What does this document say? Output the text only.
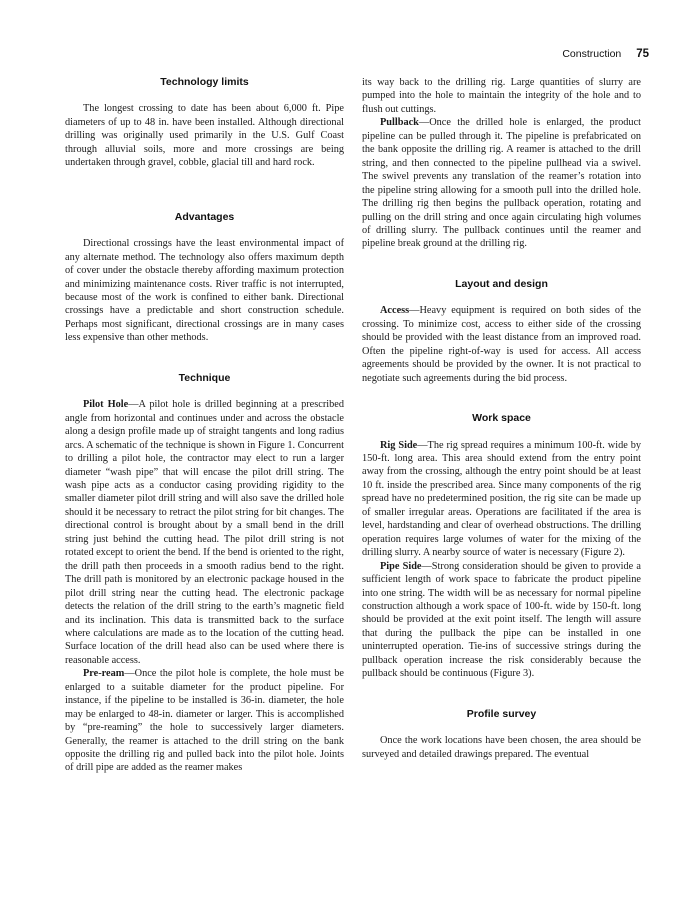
Construction 75
Technology limits

The longest crossing to date has been about 6,000 ft. Pipe diameters of up to 48 in. have been installed. Although directional drilling was originally used primarily in the U.S. Gulf Coast through alluvial soils, more and more crossings are being undertaken through gravel, cobble, glacial till and hard rock.

Advantages

Directional crossings have the least environmental impact of any alternate method. The technology also offers maximum depth of cover under the obstacle thereby affording maximum protection and minimizing maintenance costs. River traffic is not interrupted, because most of the work is confined to either bank. Directional crossings have a predictable and short construction schedule. Perhaps most significant, directional crossings are in many cases less expensive than other methods.

Technique

Pilot Hole—A pilot hole is drilled beginning at a prescribed angle from horizontal and continues under and across the obstacle along a design profile made up of straight tangents and long radius arcs. A schematic of the technique is shown in Figure 1. Concurrent to drilling a pilot hole, the contractor may elect to run a larger diameter “wash pipe” that will encase the pilot drill string. The wash pipe acts as a conductor casing providing rigidity to the smaller diameter pilot drill string and will also save the drilled hole should it be necessary to retract the pilot string for bit changes. The directional control is brought about by a small bend in the drill string just behind the cutting head. The pilot drill string is not rotated except to orient the bend. If the bend is oriented to the right, the drill path then proceeds in a smooth radius bend to the right. The drill path is monitored by an electronic package housed in the pilot drill string near the cutting head. The electronic package detects the relation of the drill string to the earth’s magnetic field and its inclination. This data is transmitted back to the surface where calculations are made as to the location of the cutting head. Surface location of the drill head also can be used where there is reasonable access.

Pre-ream—Once the pilot hole is complete, the hole must be enlarged to a suitable diameter for the product pipeline. For instance, if the pipeline to be installed is 36-in. diameter, the hole may be enlarged to 48-in. diameter or larger. This is accomplished by “pre-reaming” the hole to successively larger diameters. Generally, the reamer is attached to the drill string on the bank opposite the drilling rig and pulled back into the pilot hole. Joints of drill pipe are added as the reamer makes

its way back to the drilling rig. Large quantities of slurry are pumped into the hole to maintain the integrity of the hole and to flush out cuttings.

Pullback—Once the drilled hole is enlarged, the product pipeline can be pulled through it. The pipeline is prefabricated on the bank opposite the drilling rig. A reamer is attached to the drill string, and then connected to the pipeline pullhead via a swivel. The swivel prevents any translation of the reamer’s rotation into the pipeline string allowing for a smooth pull into the drilled hole. The drilling rig then begins the pullback operation, rotating and pulling on the drill string and once again circulating high volumes of drilling slurry. The pullback continues until the reamer and pipeline break ground at the drilling rig.

Layout and design

Access—Heavy equipment is required on both sides of the crossing. To minimize cost, access to either side of the crossing should be provided with the least distance from an improved road. Often the pipeline right-of-way is used for access. All access agreements should be provided by the owner. It is not practical to negotiate such agreements during the bid process.

Work space

Rig Side—The rig spread requires a minimum 100-ft. wide by 150-ft. long area. This area should extend from the entry point away from the crossing, although the entry point should be at least 10 ft. inside the prescribed area. Since many components of the rig spread have no predetermined position, the rig site can be made up of smaller irregular areas. Operations are facilitated if the area is level, hardstanding and clear of overhead obstructions. The drilling operation requires large volumes of water for the mixing of the drilling slurry. A nearby source of water is necessary (Figure 2).

Pipe Side—Strong consideration should be given to provide a sufficient length of work space to fabricate the product pipeline into one string. The width will be as necessary for normal pipeline construction although a work space of 100-ft. wide by 150-ft. long should be provided at the exit point itself. The length will assure that during the pullback the pipe can be installed in one uninterrupted operation. Tie-ins of successive strings during the pullback operation increase the risk considerably because the pullback should be continuous (Figure 3).

Profile survey

Once the work locations have been chosen, the area should be surveyed and detailed drawings prepared. The eventual
